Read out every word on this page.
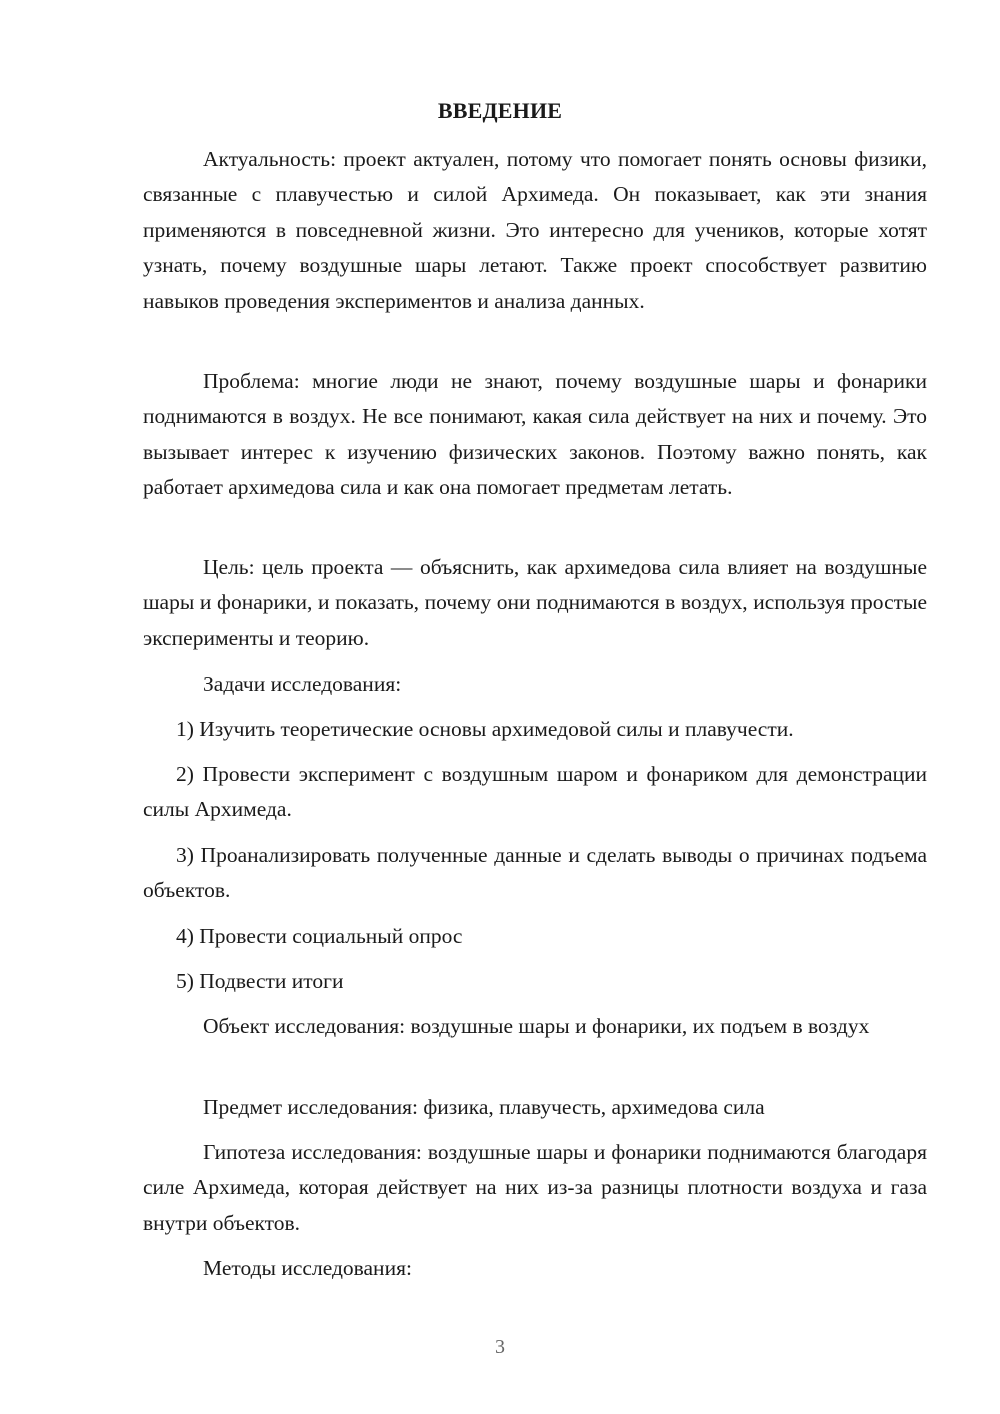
ВВЕДЕНИЕ

Актуальность: проект актуален, потому что помогает понять основы физики, связанные с плавучестью и силой Архимеда. Он показывает, как эти знания применяются в повседневной жизни. Это интересно для учеников, которые хотят узнать, почему воздушные шары летают. Также проект способствует развитию навыков проведения экспериментов и анализа данных.

Проблема: многие люди не знают, почему воздушные шары и фонарики поднимаются в воздух. Не все понимают, какая сила действует на них и почему. Это вызывает интерес к изучению физических законов. Поэтому важно понять, как работает архимедова сила и как она помогает предметам летать.

Цель: цель проекта — объяснить, как архимедова сила влияет на воздушные шары и фонарики, и показать, почему они поднимаются в воздух, используя простые эксперименты и теорию.

Задачи исследования:

1) Изучить теоретические основы архимедовой силы и плавучести.

2) Провести эксперимент с воздушным шаром и фонариком для демонстрации силы Архимеда.

3) Проанализировать полученные данные и сделать выводы о причинах подъема объектов.

4) Провести социальный опрос

5) Подвести итоги

Объект исследования: воздушные шары и фонарики, их подъем в воздух

Предмет исследования: физика, плавучесть, архимедова сила

Гипотеза исследования: воздушные шары и фонарики поднимаются благодаря силе Архимеда, которая действует на них из-за разницы плотности воздуха и газа внутри объектов.

Методы исследования:

3
